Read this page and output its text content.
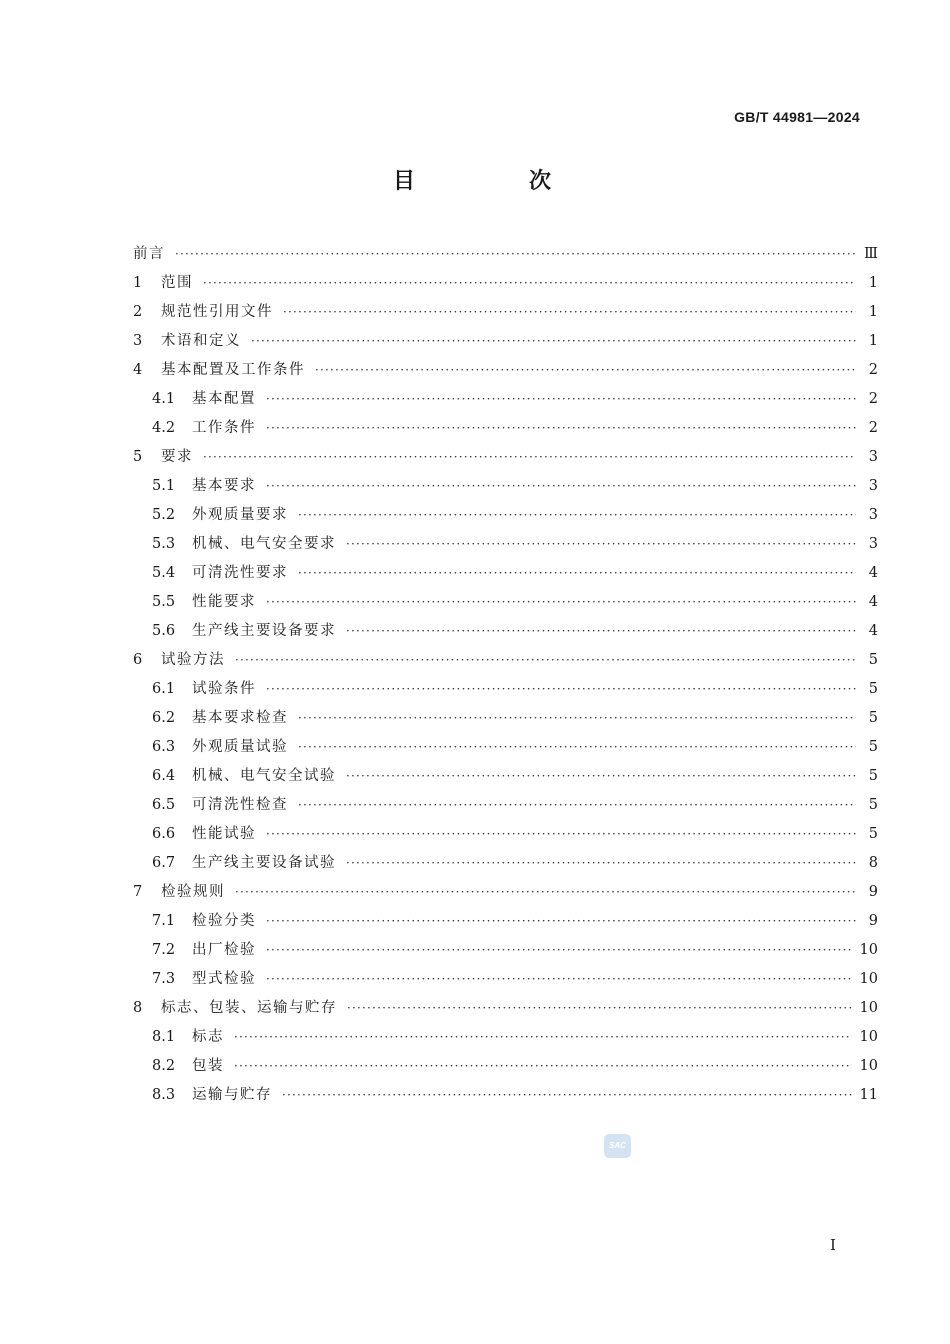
GB/T 44981—2024
目　次
前言 ·····	Ⅲ
1	范围 ·····	1
2	规范性引用文件 ·····	1
3	术语和定义 ·····	1
4	基本配置及工作条件 ·····	2
4.1	基本配置 ·····	2
4.2	工作条件 ·····	2
5	要求 ·····	3
5.1	基本要求 ·····	3
5.2	外观质量要求 ·····	3
5.3	机械、电气安全要求 ·····	3
5.4	可清洗性要求 ·····	4
5.5	性能要求 ·····	4
5.6	生产线主要设备要求 ·····	4
6	试验方法 ·····	5
6.1	试验条件 ·····	5
6.2	基本要求检查 ·····	5
6.3	外观质量试验 ·····	5
6.4	机械、电气安全试验 ·····	5
6.5	可清洗性检查 ·····	5
6.6	性能试验 ·····	5
6.7	生产线主要设备试验 ·····	8
7	检验规则 ·····	9
7.1	检验分类 ·····	9
7.2	出厂检验 ·····	10
7.3	型式检验 ·····	10
8	标志、包装、运输与贮存 ·····	10
8.1	标志 ·····	10
8.2	包装 ·····	10
8.3	运输与贮存 ·····	11
SAC
I
